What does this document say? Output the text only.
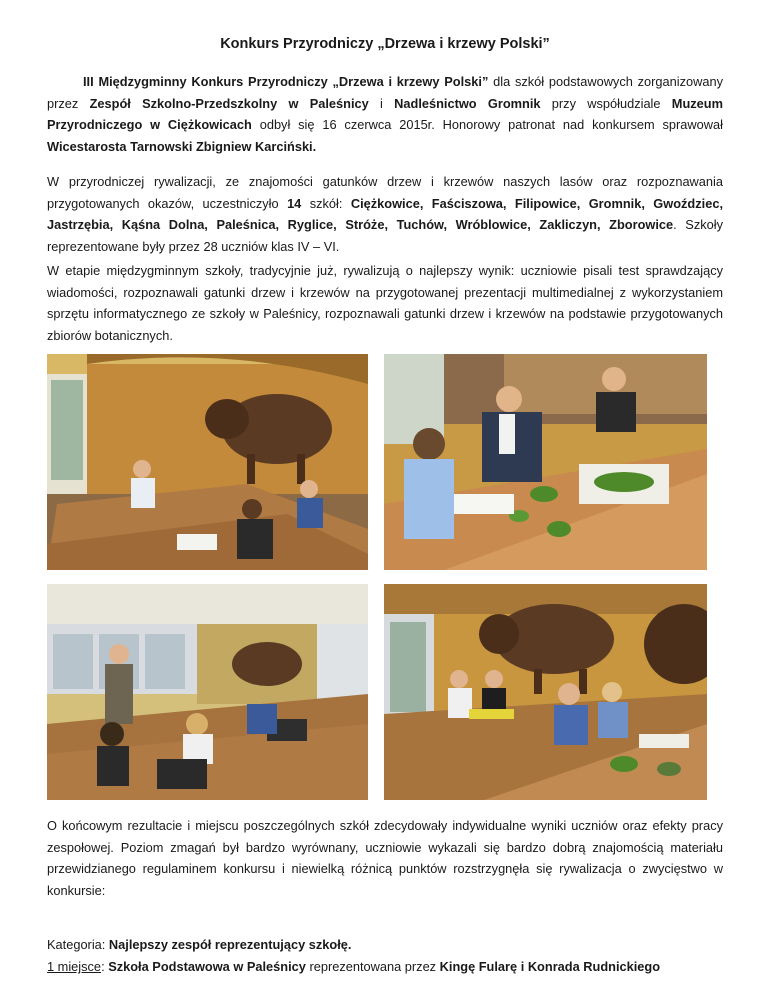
Konkurs Przyrodniczy „Drzewa i krzewy Polski”

III Międzygminny Konkurs Przyrodniczy „Drzewa i krzewy Polski” dla szkół podstawowych zorganizowany przez Zespół Szkolno-Przedszkolny w Paleśnicy i Nadleśnictwo Gromnik przy współudziale Muzeum Przyrodniczego w Ciężkowicach odbył się 16 czerwca 2015r. Honorowy patronat nad konkursem sprawował Wicestarosta Tarnowski Zbigniew Karciński.

W przyrodniczej rywalizacji, ze znajomości gatunków drzew i krzewów naszych lasów oraz rozpoznawania przygotowanych okazów, uczestniczyło 14 szkół: Ciężkowice, Faściszowa, Filipowice, Gromnik, Gwoździec, Jastrzębia, Kąśna Dolna, Paleśnica, Ryglice, Stróże, Tuchów, Wróblowice, Zakliczyn, Zborowice. Szkoły reprezentowane były przez 28 uczniów klas IV – VI.

W etapie międzygminnym szkoły, tradycyjnie już, rywalizują o najlepszy wynik: uczniowie pisali test sprawdzający wiadomości, rozpoznawali gatunki drzew i krzewów na przygotowanej prezentacji multimedialnej z wykorzystaniem sprzętu informatycznego ze szkoły w Paleśnicy, rozpoznawali gatunki drzew i krzewów na podstawie przygotowanych zbiorów botanicznych.

O końcowym rezultacie i miejscu poszczególnych szkół zdecydowały indywidualne wyniki uczniów oraz efekty pracy zespołowej. Poziom zmagań był bardzo wyrównany, uczniowie wykazali się bardzo dobrą znajomością materiału przewidzianego regulaminem konkursu i niewielką różnicą punktów rozstrzygnęła się rywalizacja o zwycięstwo w konkursie:

Kategoria: Najlepszy zespół reprezentujący szkołę.

1 miejsce: Szkoła Podstawowa w Paleśnicy reprezentowana przez Kingę Fularę i Konrada Rudnickiego
